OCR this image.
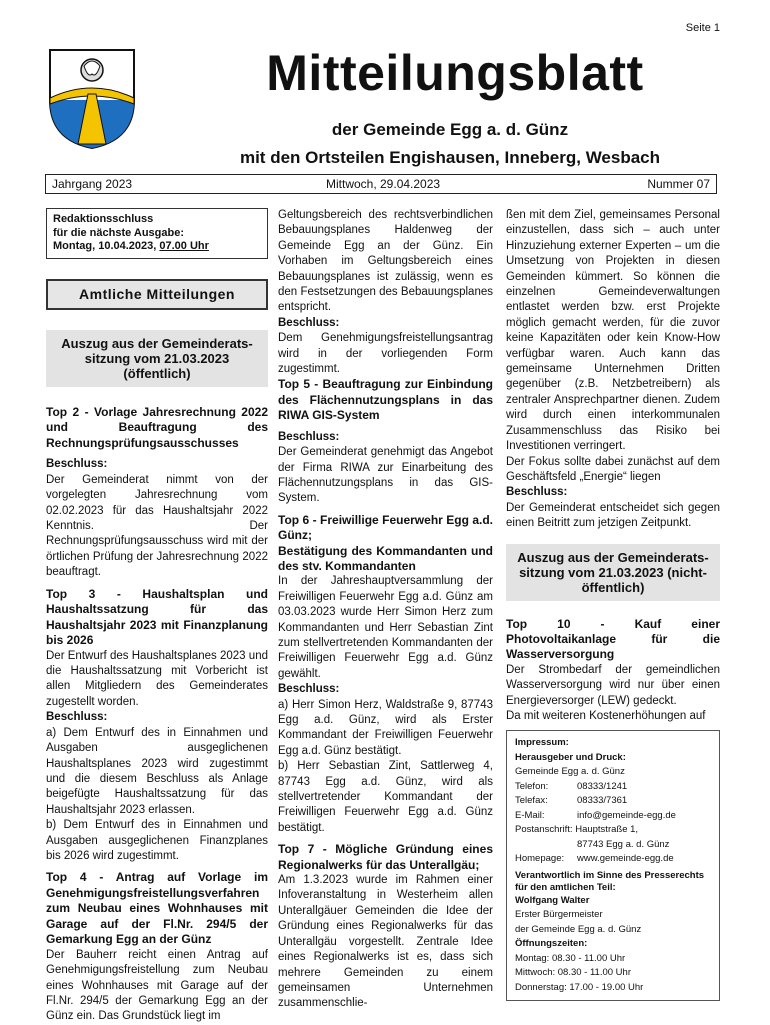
Seite 1
Mitteilungsblatt
der Gemeinde Egg a. d. Günz
mit den Ortsteilen Engishausen, Inneberg, Wesbach
Jahrgang 2023	Mittwoch, 29.04.2023	Nummer 07
Redaktionsschluss
für die nächste Ausgabe:
Montag, 10.04.2023, 07.00 Uhr
Amtliche Mitteilungen
Auszug aus der Gemeinderats-sitzung vom 21.03.2023 (öffentlich)

Top 2 - Vorlage Jahresrechnung 2022 und Beauftragung des Rechnungsprüfungsausschusses

Beschluss:

Der Gemeinderat nimmt von der vorgelegten Jahresrechnung vom 02.02.2023 für das Haushaltsjahr 2022 Kenntnis. Der Rechnungsprüfungsausschuss wird mit der örtlichen Prüfung der Jahresrechnung 2022 beauftragt.

Top 3 - Haushaltsplan und Haushaltssatzung für das Haushaltsjahr 2023 mit Finanzplanung bis 2026

Der Entwurf des Haushaltsplanes 2023 und die Haushaltssatzung mit Vorbericht ist allen Mitgliedern des Gemeinderates zugestellt worden.

Beschluss:

a) Dem Entwurf des in Einnahmen und Ausgaben ausgeglichenen Haushaltsplanes 2023 wird zugestimmt und die diesem Beschluss als Anlage beigefügte Haushaltssatzung für das Haushaltsjahr 2023 erlassen.

b) Dem Entwurf des in Einnahmen und Ausgaben ausgeglichenen Finanzplanes bis 2026 wird zugestimmt.

Top 4 - Antrag auf Vorlage im Genehmigungsfreistellungsverfahren zum Neubau eines Wohnhauses mit Garage auf der Fl.Nr. 294/5 der Gemarkung Egg an der Günz

Der Bauherr reicht einen Antrag auf Genehmigungsfreistellung zum Neubau eines Wohnhauses mit Garage auf der Fl.Nr. 294/5 der Gemarkung Egg an der Günz ein. Das Grundstück liegt im

Geltungsbereich des rechtsverbindlichen Bebauungsplanes Haldenweg der Gemeinde Egg an der Günz. Ein Vorhaben im Geltungsbereich eines Bebauungsplanes ist zulässig, wenn es den Festsetzungen des Bebauungsplanes entspricht.

Beschluss:

Dem Genehmigungsfreistellungsantrag wird in der vorliegenden Form zugestimmt.

Top 5 - Beauftragung zur Einbindung des Flächennutzungsplans in das RIWA GIS-System

Beschluss:

Der Gemeinderat genehmigt das Angebot der Firma RIWA zur Einarbeitung des Flächennutzungsplans in das GIS-System.

Top 6 - Freiwillige Feuerwehr Egg a.d. Günz;

Bestätigung des Kommandanten und des stv. Kommandanten

In der Jahreshauptversammlung der Freiwilligen Feuerwehr Egg a.d. Günz am 03.03.2023 wurde Herr Simon Herz zum Kommandanten und Herr Sebastian Zint zum stellvertretenden Kommandanten der Freiwilligen Feuerwehr Egg a.d. Günz gewählt.

Beschluss:

a) Herr Simon Herz, Waldstraße 9, 87743 Egg a.d. Günz, wird als Erster Kommandant der Freiwilligen Feuerwehr Egg a.d. Günz bestätigt.

b) Herr Sebastian Zint, Sattlerweg 4, 87743 Egg a.d. Günz, wird als stellvertretender Kommandant der Freiwilligen Feuerwehr Egg a.d. Günz bestätigt.

Top 7 - Mögliche Gründung eines Regionalwerks für das Unterallgäu;

Am 1.3.2023 wurde im Rahmen einer Infoveranstaltung in Westerheim allen Unterallgäuer Gemeinden die Idee der Gründung eines Regionalwerks für das Unterallgäu vorgestellt. Zentrale Idee eines Regionalwerks ist es, dass sich mehrere Gemeinden zu einem gemeinsamen Unternehmen zusammenschlie-

ßen mit dem Ziel, gemeinsames Personal einzustellen, dass sich – auch unter Hinzuziehung externer Experten – um die Umsetzung von Projekten in diesen Gemeinden kümmert. So können die einzelnen Gemeindeverwaltungen entlastet werden bzw. erst Projekte möglich gemacht werden, für die zuvor keine Kapazitäten oder kein Know-How verfügbar waren. Auch kann das gemeinsame Unternehmen Dritten gegenüber (z.B. Netzbetreibern) als zentraler Ansprechpartner dienen. Zudem wird durch einen interkommunalen Zusammenschluss das Risiko bei Investitionen verringert.

Der Fokus sollte dabei zunächst auf dem Geschäftsfeld „Energie“ liegen

Beschluss:

Der Gemeinderat entscheidet sich gegen einen Beitritt zum jetzigen Zeitpunkt.

Auszug aus der Gemeinderats-sitzung vom 21.03.2023 (nicht-öffentlich)

Top 10 - Kauf einer Photovoltaikanlage für die Wasserversorgung

Der Strombedarf der gemeindlichen Wasserversorgung wird nur über einen Energieversorger (LEW) gedeckt.

Da mit weiteren Kostenerhöhungen auf

Impressum:
Herausgeber und Druck:
Gemeinde Egg a. d. Günz
Telefon:	08333/1241
Telefax:	08333/7361
E-Mail:	info@gemeinde-egg.de
Postanschrift: Hauptstraße 1,
87743 Egg a. d. Günz
Homepage:	www.gemeinde-egg.de
Verantwortlich im Sinne des Presserechts für den amtlichen Teil:
Wolfgang Walter
Erster Bürgermeister
der Gemeinde Egg a. d. Günz
Öffnungszeiten:
Montag: 08.30 - 11.00 Uhr
Mittwoch: 08.30 - 11.00 Uhr
Donnerstag: 17.00 - 19.00 Uhr
